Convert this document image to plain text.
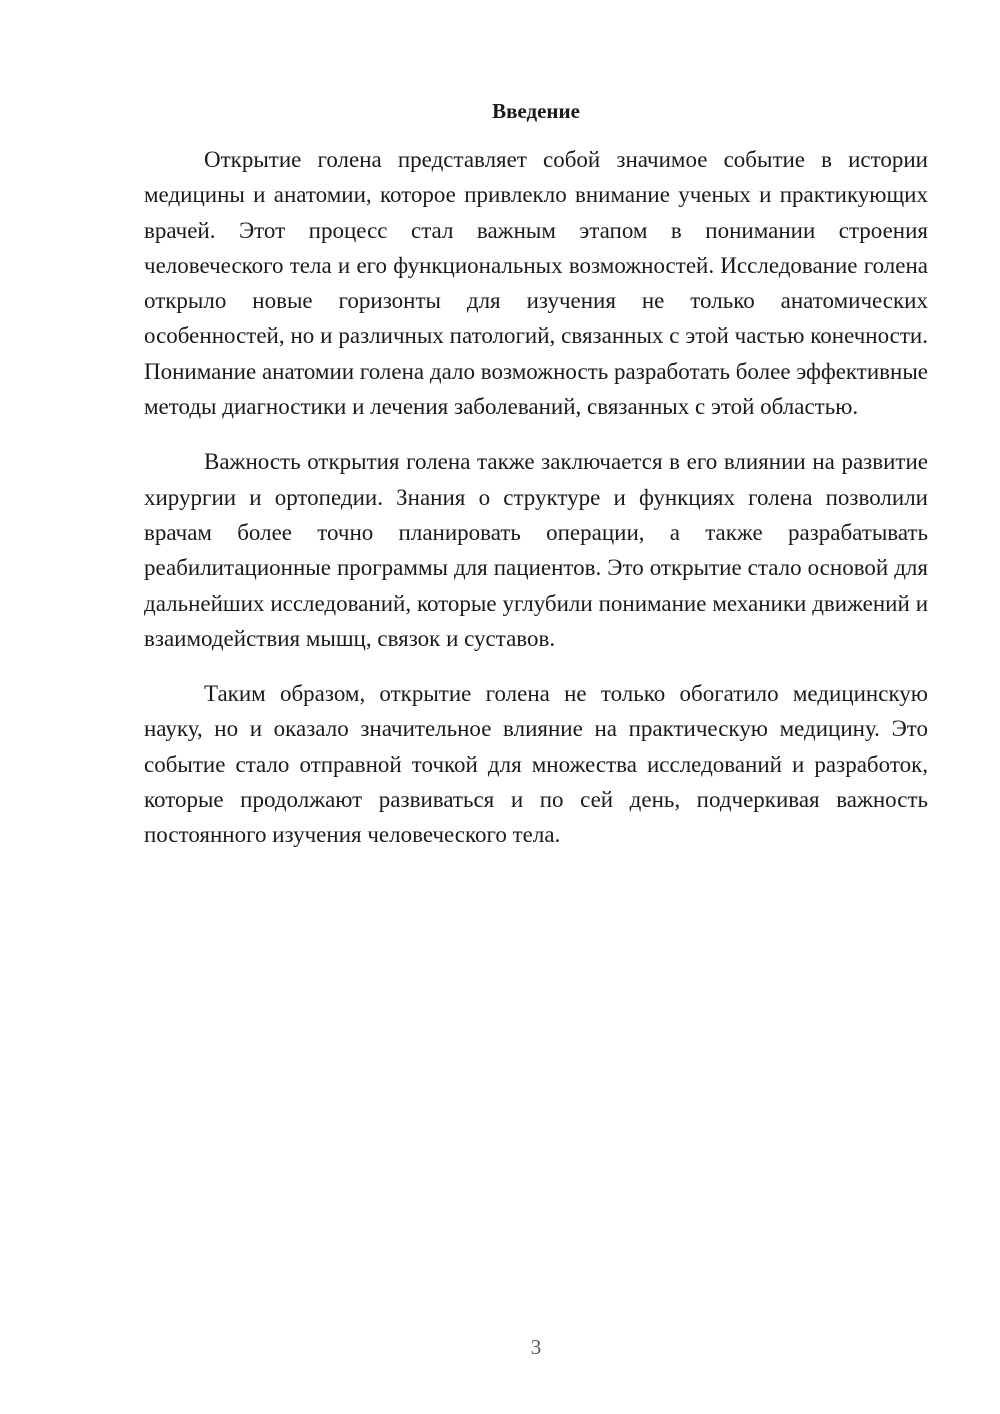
Введение

Открытие голена представляет собой значимое событие в истории медицины и анатомии, которое привлекло внимание ученых и практикующих врачей. Этот процесс стал важным этапом в понимании строения человеческого тела и его функциональных возможностей. Исследование голена открыло новые горизонты для изучения не только анатомических особенностей, но и различных патологий, связанных с этой частью конечности. Понимание анатомии голена дало возможность разработать более эффективные методы диагностики и лечения заболеваний, связанных с этой областью.

Важность открытия голена также заключается в его влиянии на развитие хирургии и ортопедии. Знания о структуре и функциях голена позволили врачам более точно планировать операции, а также разрабатывать реабилитационные программы для пациентов. Это открытие стало основой для дальнейших исследований, которые углубили понимание механики движений и взаимодействия мышц, связок и суставов.

Таким образом, открытие голена не только обогатило медицинскую науку, но и оказало значительное влияние на практическую медицину. Это событие стало отправной точкой для множества исследований и разработок, которые продолжают развиваться и по сей день, подчеркивая важность постоянного изучения человеческого тела.

3
